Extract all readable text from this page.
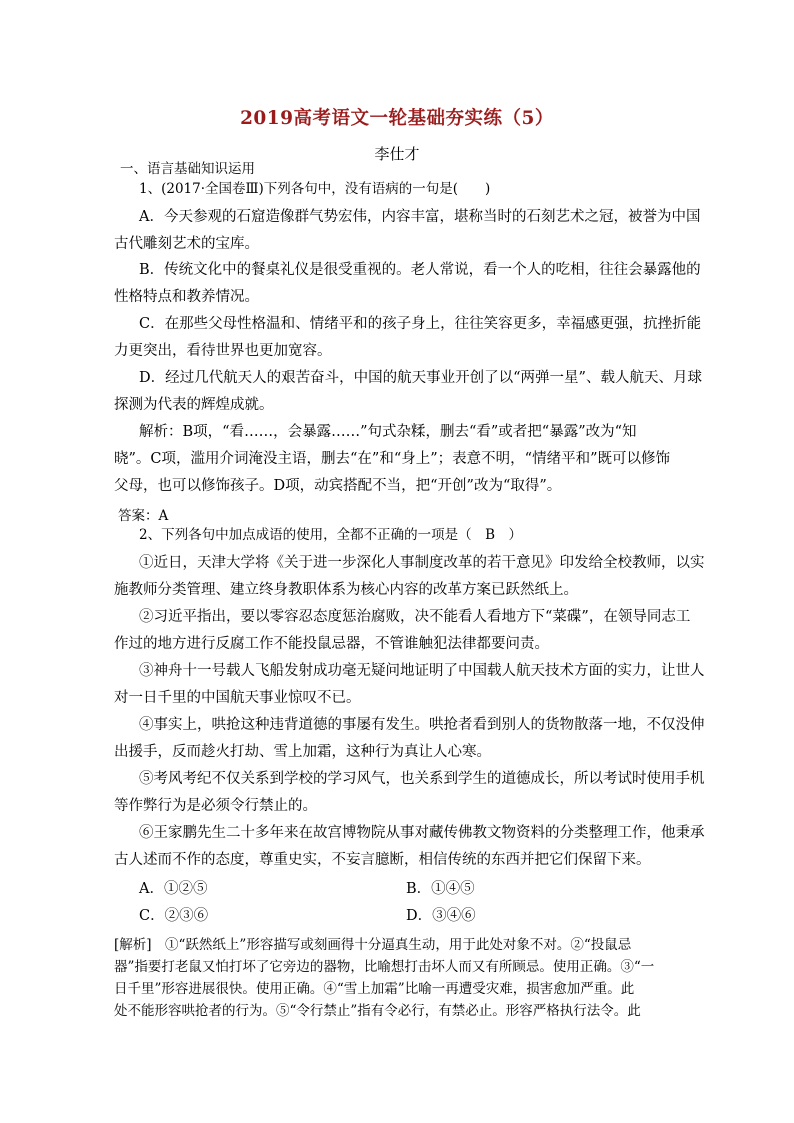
2019高考语文一轮基础夯实练（5）
李仕才
一、语言基础知识运用
1、(2017·全国卷Ⅲ)下列各句中，没有语病的一句是(　　)
A．今天参观的石窟造像群气势宏伟，内容丰富，堪称当时的石刻艺术之冠，被誉为中国
古代雕刻艺术的宝库。
B．传统文化中的餐桌礼仪是很受重视的。老人常说，看一个人的吃相，往往会暴露他的
性格特点和教养情况。
C．在那些父母性格温和、情绪平和的孩子身上，往往笑容更多，幸福感更强，抗挫折能
力更突出，看待世界也更加宽容。
D．经过几代航天人的艰苦奋斗，中国的航天事业开创了以“两弹一星”、载人航天、月球
探测为代表的辉煌成就。
解析：B项，“看……，会暴露……”句式杂糅，删去“看”或者把“暴露”改为“知
晓”。C项，滥用介词淹没主语，删去“在”和“身上”；表意不明，“情绪平和”既可以修饰
父母，也可以修饰孩子。D项，动宾搭配不当，把“开创”改为“取得”。
答案：A
2、下列各句中加点成语的使用，全都不正确的一项是（　B　）
①近日，天津大学将《关于进一步深化人事制度改革的若干意见》印发给全校教师，以实
施教师分类管理、建立终身教职体系为核心内容的改革方案已跃然纸上。
②习近平指出，要以零容忍态度惩治腐败，决不能看人看地方下“菜碟”，在领导同志工
作过的地方进行反腐工作不能投鼠忌器，不管谁触犯法律都要问责。
③神舟十一号载人飞船发射成功毫无疑问地证明了中国载人航天技术方面的实力，让世人
对一日千里的中国航天事业惊叹不已。
④事实上，哄抢这种违背道德的事屡有发生。哄抢者看到别人的货物散落一地，不仅没伸
出援手，反而趁火打劫、雪上加霜，这种行为真让人心寒。
⑤考风考纪不仅关系到学校的学习风气，也关系到学生的道德成长，所以考试时使用手机
等作弊行为是必须令行禁止的。
⑥王家鹏先生二十多年来在故宫博物院从事对藏传佛教文物资料的分类整理工作，他秉承
古人述而不作的态度，尊重史实，不妄言臆断，相信传统的东西并把它们保留下来。
A．①②⑤	B．①④⑤
C．②③⑥	D．③④⑥
[解析]　①“跃然纸上”形容描写或刻画得十分逼真生动，用于此处对象不对。②“投鼠忌
器”指要打老鼠又怕打坏了它旁边的器物，比喻想打击坏人而又有所顾忌。使用正确。③“一
日千里”形容进展很快。使用正确。④“雪上加霜”比喻一再遭受灾难，损害愈加严重。此
处不能形容哄抢者的行为。⑤“令行禁止”指有令必行，有禁必止。形容严格执行法令。此
